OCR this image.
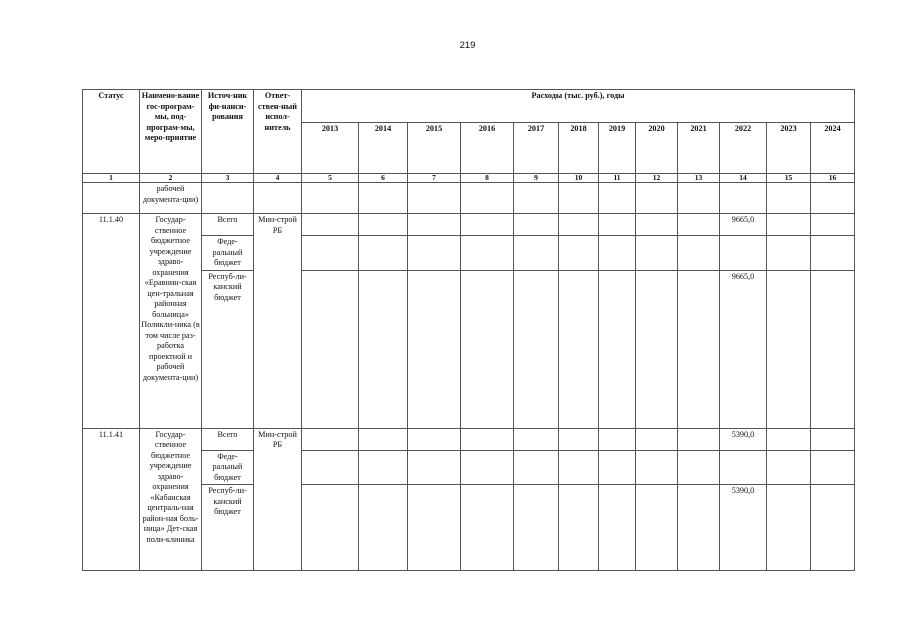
219
Статус	Наимено-вание гос-програм-мы, под-програм-мы, меро-приятие	Источ-ник фи-нанси-рования	Ответ-ствен-ный испол-нитель	Расходы (тыс. руб.), годы											
				2013	2014	2015	2016	2017	2018	2019	2020	2021	2022	2023	2024
1	2	3	4	5	6	7	8	9	10	11	12	13	14	15	16
	рабочей документа-ции)														
11.1.40	Государ-ственное бюджетное учреждение здраво-охранения «Еравнин-ская цен-тральная районная больница» Поликли-ника (в том числе раз-работка проектной и рабочей документа-ции)	Всего	Мин-строй РБ										9665,0		
		Феде-ральный бюджет													
		Респуб-ли-канский бюджет											9665,0		
11.1.41	Государ-ственное бюджетное учреждение здраво-охранения «Кабанская централь-ная район-ная боль-ница» Дет-ская поли-клиника	Всего	Мин-строй РБ										5390,0		
		Феде-ральный бюджет													
		Респуб-ли-канский бюджет											5390,0		
